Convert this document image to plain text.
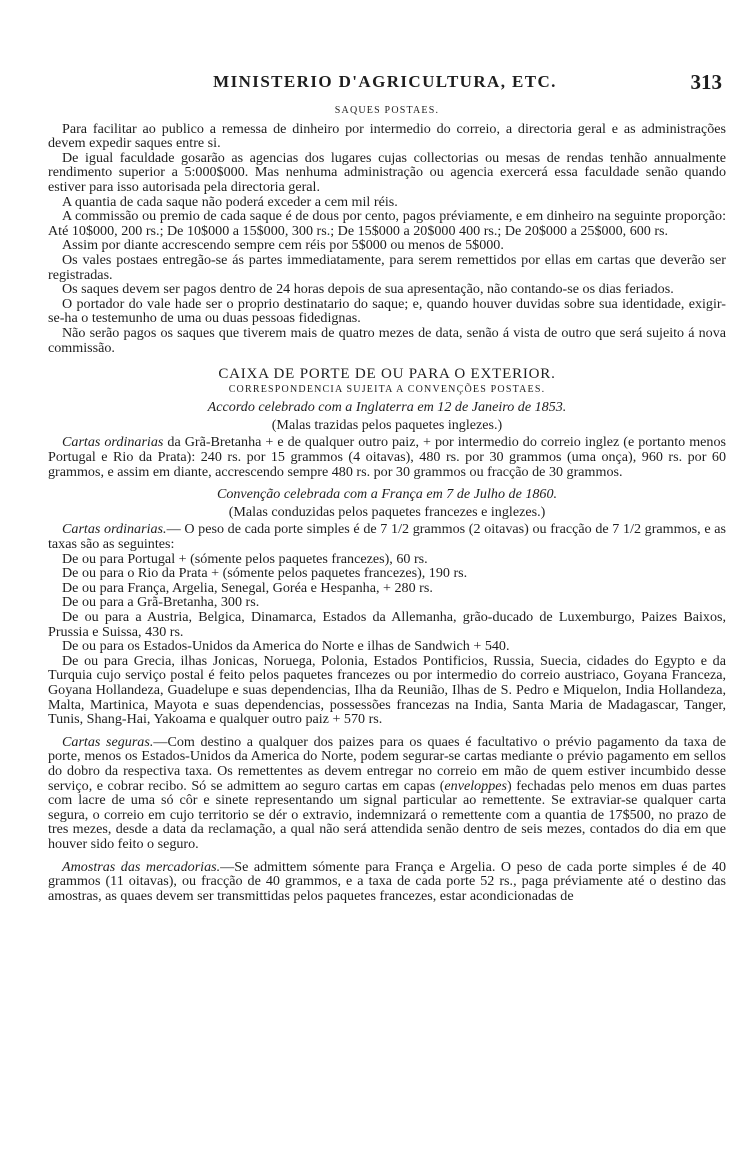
MINISTERIO D'AGRICULTURA, ETC.	313
SAQUES POSTAES.

Para facilitar ao publico a remessa de dinheiro por intermedio do correio, a directoria geral e as administrações devem expedir saques entre si.

De igual faculdade gosarão as agencias dos lugares cujas collectorias ou mesas de rendas tenhão annualmente rendimento superior a 5:000$000. Mas nenhuma administração ou agencia exercerá essa faculdade senão quando estiver para isso autorisada pela directoria geral.

A quantia de cada saque não poderá exceder a cem mil réis.

A commissão ou premio de cada saque é de dous por cento, pagos préviamente, e em dinheiro na seguinte proporção: Até 10$000, 200 rs.; De 10$000 a 15$000, 300 rs.; De 15$000 a 20$000 400 rs.; De 20$000 a 25$000, 600 rs.

Assim por diante accrescendo sempre cem réis por 5$000 ou menos de 5$000.

Os vales postaes entregão-se ás partes immediatamente, para serem remettidos por ellas em cartas que deverão ser registradas.

Os saques devem ser pagos dentro de 24 horas depois de sua apresentação, não contando-se os dias feriados.

O portador do vale hade ser o proprio destinatario do saque; e, quando houver duvidas sobre sua identidade, exigir-se-ha o testemunho de uma ou duas pessoas fidedignas.

Não serão pagos os saques que tiverem mais de quatro mezes de data, senão á vista de outro que será sujeito á nova commissão.

CAIXA DE PORTE DE OU PARA O EXTERIOR.
CORRESPONDENCIA SUJEITA A CONVENÇÕES POSTAES.

Accordo celebrado com a Inglaterra em 12 de Janeiro de 1853.

(Malas trazidas pelos paquetes inglezes.)

Cartas ordinarias da Grã-Bretanha + e de qualquer outro paiz, + por intermedio do correio inglez (e portanto menos Portugal e Rio da Prata): 240 rs. por 15 grammos (4 oitavas), 480 rs. por 30 grammos (uma onça), 960 rs. por 60 grammos, e assim em diante, accrescendo sempre 480 rs. por 30 grammos ou fracção de 30 grammos.

Convenção celebrada com a França em 7 de Julho de 1860.

(Malas conduzidas pelos paquetes francezes e inglezes.)

Cartas ordinarias.— O peso de cada porte simples é de 7 1/2 grammos (2 oitavas) ou fracção de 7 1/2 grammos, e as taxas são as seguintes:

De ou para Portugal + (sómente pelos paquetes francezes), 60 rs.

De ou para o Rio da Prata + (sómente pelos paquetes francezes), 190 rs.

De ou para França, Argelia, Senegal, Goréa e Hespanha, + 280 rs.

De ou para a Grã-Bretanha, 300 rs.

De ou para a Austria, Belgica, Dinamarca, Estados da Allemanha, grão-ducado de Luxemburgo, Paizes Baixos, Prussia e Suissa, 430 rs.

De ou para os Estados-Unidos da America do Norte e ilhas de Sandwich + 540.

De ou para Grecia, ilhas Jonicas, Noruega, Polonia, Estados Pontificios, Russia, Suecia, cidades do Egypto e da Turquia cujo serviço postal é feito pelos paquetes francezes ou por intermedio do correio austriaco, Goyana Franceza, Goyana Hollandeza, Guadelupe e suas dependencias, Ilha da Reunião, Ilhas de S. Pedro e Miquelon, India Hollandeza, Malta, Martinica, Mayota e suas dependencias, possessões francezas na India, Santa Maria de Madagascar, Tanger, Tunis, Shang-Hai, Yakoama e qualquer outro paiz + 570 rs.

Cartas seguras.—Com destino a qualquer dos paizes para os quaes é facultativo o prévio pagamento da taxa de porte, menos os Estados-Unidos da America do Norte, podem segurar-se cartas mediante o prévio pagamento em sellos do dobro da respectiva taxa. Os remettentes as devem entregar no correio em mão de quem estiver incumbido desse serviço, e cobrar recibo. Só se admittem ao seguro cartas em capas (enveloppes) fechadas pelo menos em duas partes com lacre de uma só côr e sinete representando um signal particular ao remettente. Se extraviar-se qualquer carta segura, o correio em cujo territorio se dér o extravio, indemnizará o remettente com a quantia de 17$500, no prazo de tres mezes, desde a data da reclamação, a qual não será attendida senão dentro de seis mezes, contados do dia em que houver sido feito o seguro.

Amostras das mercadorias.—Se admittem sómente para França e Argelia. O peso de cada porte simples é de 40 grammos (11 oitavas), ou fracção de 40 grammos, e a taxa de cada porte 52 rs., paga préviamente até o destino das amostras, as quaes devem ser transmittidas pelos paquetes francezes, estar acondicionadas de
